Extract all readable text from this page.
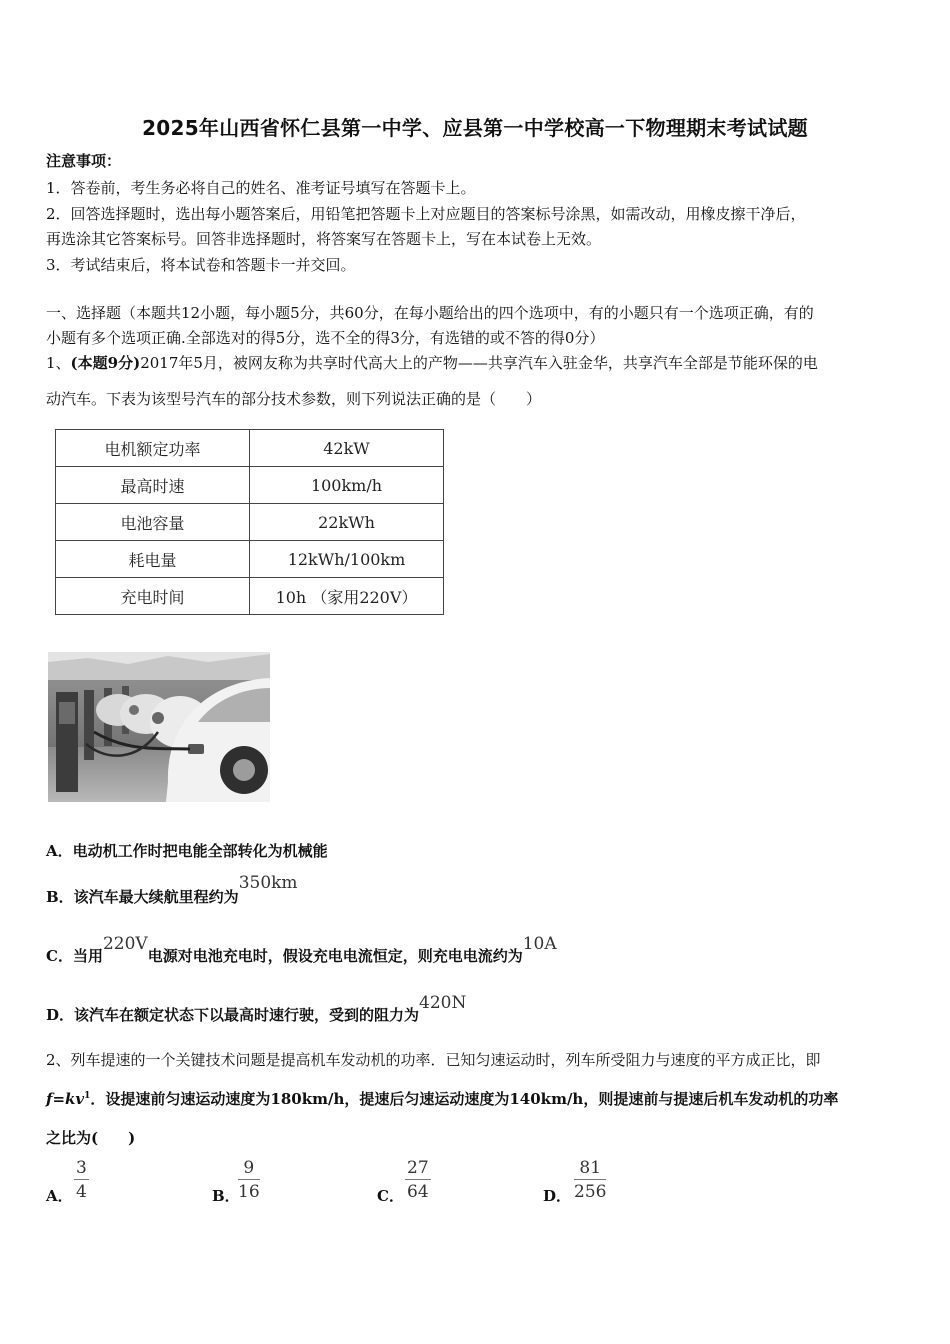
2025年山西省怀仁县第一中学、应县第一中学校高一下物理期末考试试题
注意事项：
1．答卷前，考生务必将自己的姓名、准考证号填写在答题卡上。
2．回答选择题时，选出每小题答案后，用铅笔把答题卡上对应题目的答案标号涂黑，如需改动，用橡皮擦干净后，
再选涂其它答案标号。回答非选择题时，将答案写在答题卡上，写在本试卷上无效。
3．考试结束后，将本试卷和答题卡一并交回。
一、选择题（本题共12小题，每小题5分，共60分，在每小题给出的四个选项中，有的小题只有一个选项正确，有的
小题有多个选项正确.全部选对的得5分，选不全的得3分，有选错的或不答的得0分）
1、(本题9分)2017年5月，被网友称为共享时代高大上的产物——共享汽车入驻金华，共享汽车全部是节能环保的电
动汽车。下表为该型号汽车的部分技术参数，则下列说法正确的是（　　）
电机额定功率	42kW
最高时速	100km/h
电池容量	22kWh
耗电量	12kWh/100km
充电时间	10h （家用220V）
A．电动机工作时把电能全部转化为机械能
B．该汽车最大续航里程约为350km
C．当用220V电源对电池充电时，假设充电电流恒定，则充电电流约为10A
D．该汽车在额定状态下以最高时速行驶，受到的阻力为420N
2、列车提速的一个关键技术问题是提高机车发动机的功率．已知匀速运动时，列车所受阻力与速度的平方成正比，即
$f=kv^1$．设提速前匀速运动速度为180km/h，提速后匀速运动速度为140km/h，则提速前与提速后机车发动机的功率
之比为(　　)
A． $\frac{3}{4}$	B．
$\frac{9}{16}$	C． $\frac{27}{64}$	D． $\frac{81}{256}$
